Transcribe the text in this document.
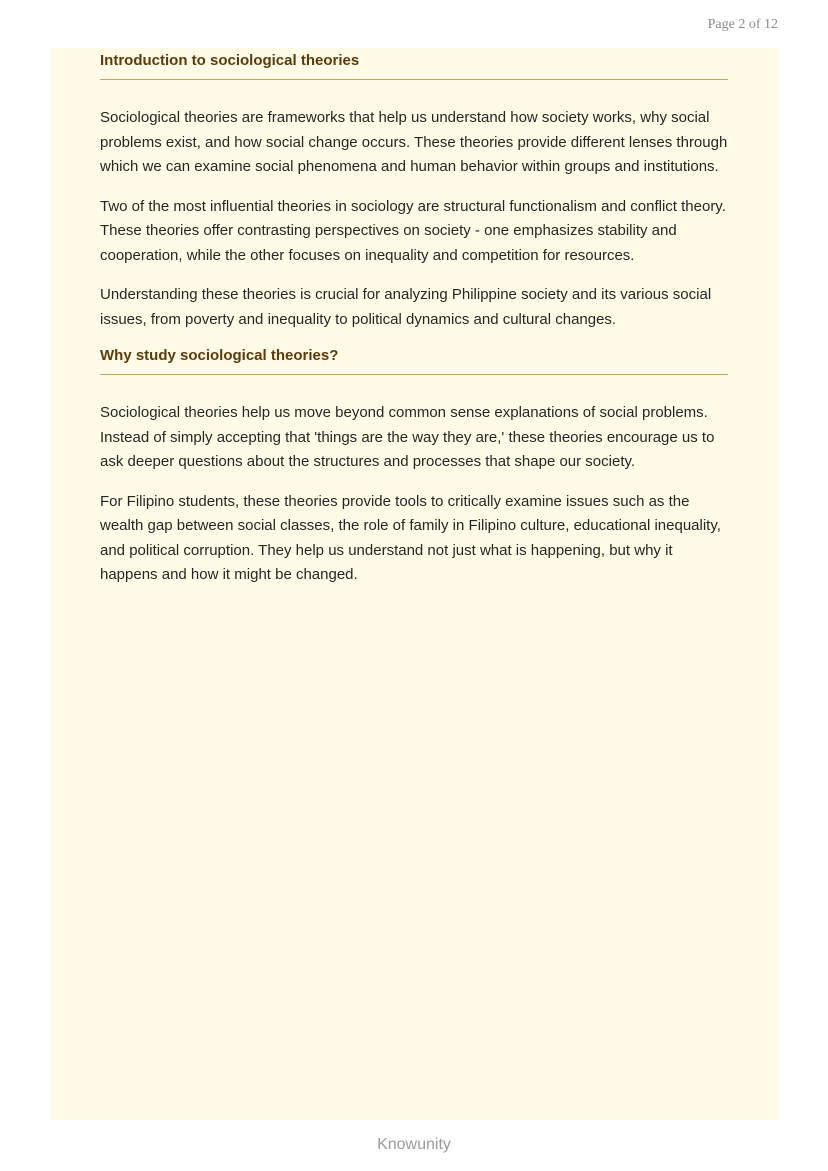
Page 2 of 12
Introduction to sociological theories

Sociological theories are frameworks that help us understand how society works, why social problems exist, and how social change occurs. These theories provide different lenses through which we can examine social phenomena and human behavior within groups and institutions.

Two of the most influential theories in sociology are structural functionalism and conflict theory. These theories offer contrasting perspectives on society - one emphasizes stability and cooperation, while the other focuses on inequality and competition for resources.

Understanding these theories is crucial for analyzing Philippine society and its various social issues, from poverty and inequality to political dynamics and cultural changes.

Why study sociological theories?

Sociological theories help us move beyond common sense explanations of social problems. Instead of simply accepting that 'things are the way they are,' these theories encourage us to ask deeper questions about the structures and processes that shape our society.

For Filipino students, these theories provide tools to critically examine issues such as the wealth gap between social classes, the role of family in Filipino culture, educational inequality, and political corruption. They help us understand not just what is happening, but why it happens and how it might be changed.

Knowunity
